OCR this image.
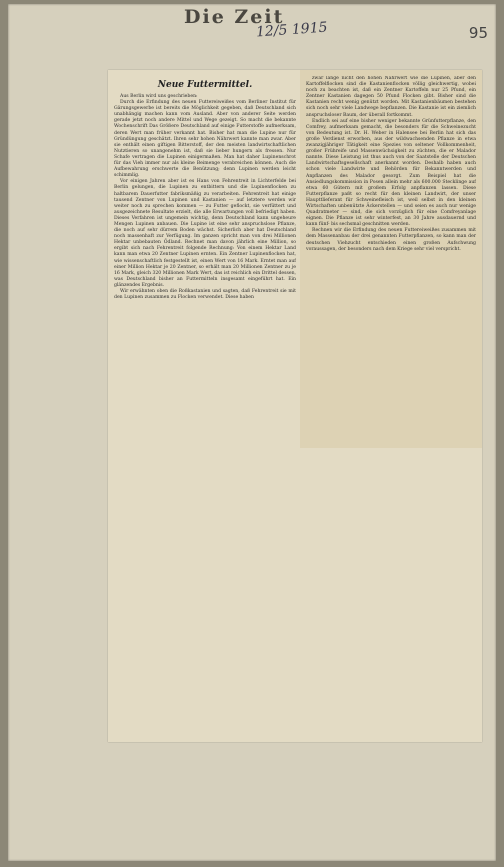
Die Zeit
12/5 1915	95
Neue Futtermittel.

Aus Berlin wird uns geschrieben:

Durch die Erfindung des neuen Futtereiweißes vom Berliner Institut für Gärungsgewerbe ist bereits die Möglichkeit gegeben, daß Deutschland sich unabhängig machen kann vom Ausland. Aber von anderer Seite werden gerade jetzt noch andere Mittel und Wege gezeigt. So macht die bekannte Wochenschrift Das Größere Deutschland auf einige Futterstoffe aufmerksam, deren Wert man früher verkannt hat. Bisher hat man die Lupine nur für Gründüngung geschätzt. Ihren sehr hohen Nährwert kannte man zwar. Aber sie enthält einen giftigen Bitterstoff, der den meisten landwirtschaftlichen Nutztieren so unangenehm ist, daß sie lieber hungern als fressen. Nur Schafe vertragen die Lupinen einigermaßen. Man hat daher Lupinenschrot für das Vieh immer nur als kleine Beimenge verabreichen können. Auch die Aufbewahrung erschwerte die Benützung; denn Lupinen werden leicht schimmlig.

Vor einigen Jahren aber ist es Hans von Fehrentreit in Lichterfelde bei Berlin gelungen, die Lupinen zu entbittern und die Lupinenflocken zu haltbarem Dauerfutter fabriksmäßig zu verarbeiten. Fehrentreit hat einige tausend Zentner von Lupinen und Kastanien — auf letztere werden wir weiter noch zu sprechen kommen — zu Futter geflockt, sie verfüttert und ausgezeichnete Resultate erzielt, die alle Erwartungen voll befriedigt haben. Dieses Verfahren ist ungemein wichtig, denn Deutschland kann ungeheure Mengen Lupinen anbauen. Die Lupine ist eine sehr anspruchslose Pflanze, die noch auf sehr dürrem Boden wächst. Sicherlich aber hat Deutschland noch massenhaft zur Verfügung. Im ganzen spricht man von drei Millionen Hektar unbebauten Ödland. Rechnet man davon jährlich eine Million, so ergibt sich nach Fehrentreit folgende Rechnung: Von einem Hektar Land kann man etwa 20 Zentner Lupinen ernten. Ein Zentner Lupinenflocken hat, wie wissenschaftlich festgestellt ist, einen Wert von 16 Mark. Erntet man auf einer Million Hektar je 20 Zentner, so erhält man 20 Millionen Zentner zu je 16 Mark, gleich 320 Millionen Mark Wert, das ist reichlich ein Drittel dessen, was Deutschland bisher an Futtermitteln insgesamt eingeführt hat. Ein glänzendes Ergebnis.

Wir erwähnten oben die Roßkastanien und sagten, daß Fehrentreit sie mit den Lupinen zusammen zu Flocken verwendet. Diese haben

zwar lange nicht den hohen Nährwert wie die Lupinen, aber den Kartoffelflocken sind die Kastanienflocken völlig gleichwertig, wobei noch zu beachten ist, daß ein Zentner Kartoffeln nur 25 Pfund, ein Zentner Kastanien dagegen 50 Pfund Flocken gibt. Bisher sind die Kastanien recht wenig genützt worden. Mit Kastanienbäumen bestehen sich noch sehr viele Landwege bepflanzen. Die Kastanie ist ein ziemlich anspruchsloser Baum, der überall fortkommt.

Endlich sei auf eine bisher weniger bekannte Grünfutterpflanze, den Comfrey, aufmerksam gemacht, die besonders für die Schweinezucht von Bedeutung ist. Dr. H. Weber in Halensee bei Berlin hat sich das große Verdienst erworben, aus der wildwachsenden Pflanze in etwa zwanzigjähriger Tätigkeit eine Spezies von seltener Vollkommenheit, großer Frühreife und Massenwüchsigkeit zu züchten, die er Malador nannte. Diese Leistung ist thus auch von der Saatstelle der Deutschen Landwirtschaftsgesellschaft anerkannt worden. Deshalb haben auch schon viele Landwirte und Behörden für Bekanntwerden und Anpflanzen des Malador gesorgt. Zum Beispiel hat die Ansiedlungskommission in Posen allein mehr als 600.000 Stecklinge auf etwa 60 Gütern mit großem Erfolg anpflanzen lassen. Diese Futterpflanze paßt so recht für den kleinen Landwirt, der unser Haupttlieferant für Schweinefleisch ist, weil selbst in den kleinen Wirtschaften unbenützte Äckerstellen — und seien es auch nur wenige Quadratmeter — sind, die sich vorzüglich für eine Comfreyanlage eignen. Die Pflanze ist sehr winterfest, an 30 Jahre ausdauernd und kann fünf- bis sechsmal geschnitten werden.

Rechnen wir die Erfindung des neuen Futtereiweißes zusammen mit dem Massenanbau der drei genannten Futterpflanzen, so kann man der deutschen Viehzucht entschieden einen großen Aufschwung voraussagen, der besonders nach dem Kriege sehr viel verspricht.
